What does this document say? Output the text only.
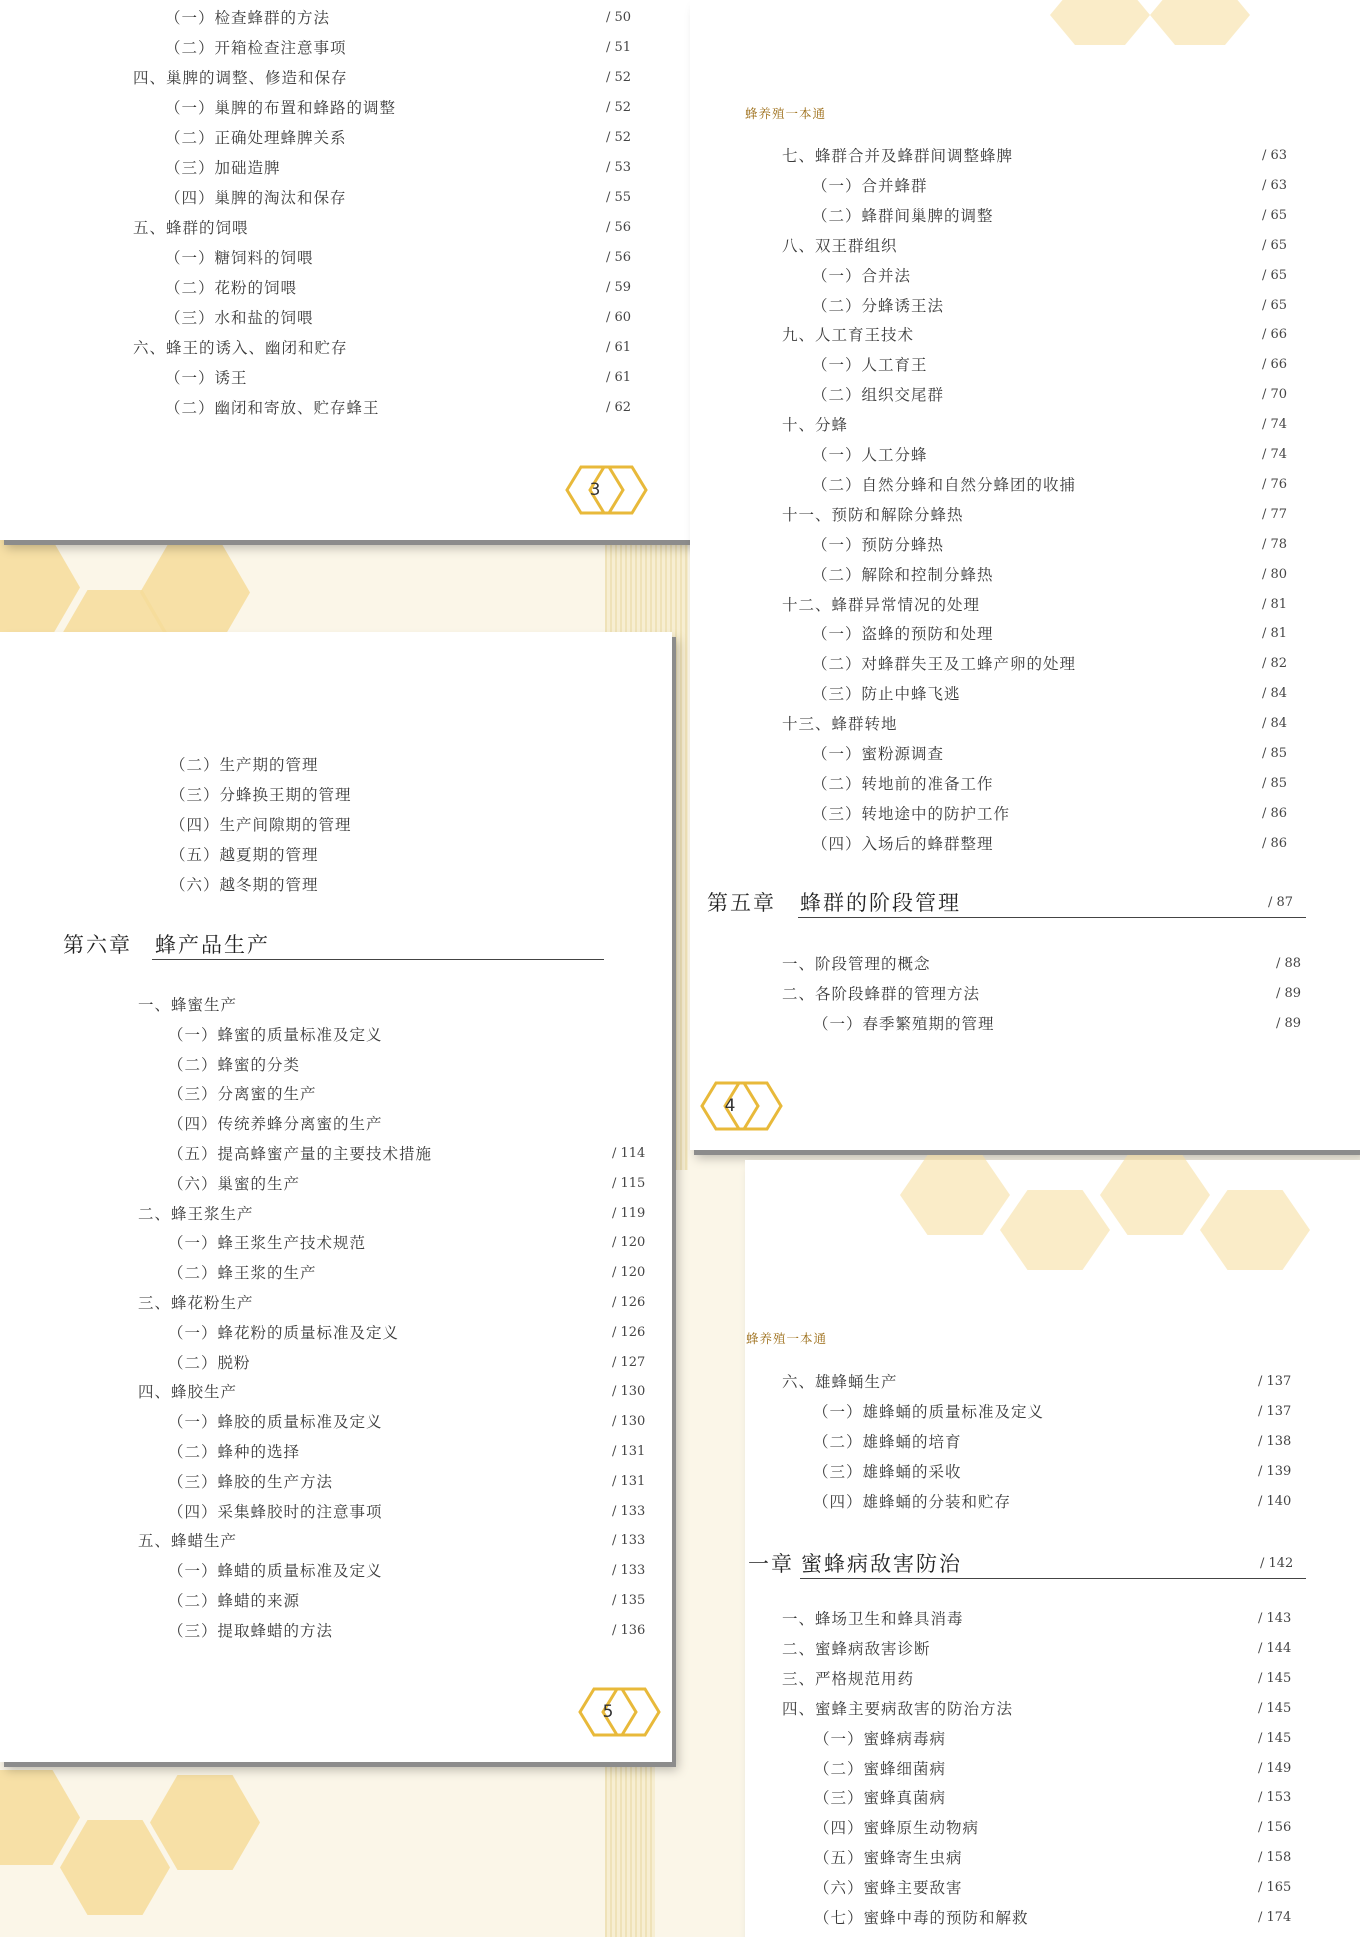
蜂养殖一本通
蜂养殖一本通
（一）检查蜂群的方法	/ 50
（二）开箱检查注意事项	/ 51
四、巢脾的调整、修造和保存	/ 52
（一）巢脾的布置和蜂路的调整	/ 52
（二）正确处理蜂脾关系	/ 52
（三）加础造脾	/ 53
（四）巢脾的淘汰和保存	/ 55
五、蜂群的饲喂	/ 56
（一）糖饲料的饲喂	/ 56
（二）花粉的饲喂	/ 59
（三）水和盐的饲喂	/ 60
六、蜂王的诱入、幽闭和贮存	/ 61
（一）诱王	/ 61
（二）幽闭和寄放、贮存蜂王	/ 62
3
七、蜂群合并及蜂群间调整蜂脾	/ 63
（一）合并蜂群	/ 63
（二）蜂群间巢脾的调整	/ 65
八、双王群组织	/ 65
（一）合并法	/ 65
（二）分蜂诱王法	/ 65
九、人工育王技术	/ 66
（一）人工育王	/ 66
（二）组织交尾群	/ 70
十、分蜂	/ 74
（一）人工分蜂	/ 74
（二）自然分蜂和自然分蜂团的收捕	/ 76
十一、预防和解除分蜂热	/ 77
（一）预防分蜂热	/ 78
（二）解除和控制分蜂热	/ 80
十二、蜂群异常情况的处理	/ 81
（一）盗蜂的预防和处理	/ 81
（二）对蜂群失王及工蜂产卵的处理	/ 82
（三）防止中蜂飞逃	/ 84
十三、蜂群转地	/ 84
（一）蜜粉源调查	/ 85
（二）转地前的准备工作	/ 85
（三）转地途中的防护工作	/ 86
（四）入场后的蜂群整理	/ 86
第五章 蜂群的阶段管理	/ 87
一、阶段管理的概念	/ 88
二、各阶段蜂群的管理方法	/ 89
（一）春季繁殖期的管理	/ 89
4
（二）生产期的管理
（三）分蜂换王期的管理
（四）生产间隙期的管理
（五）越夏期的管理
（六）越冬期的管理
第六章 蜂产品生产
一、蜂蜜生产
（一）蜂蜜的质量标准及定义
（二）蜂蜜的分类
（三）分离蜜的生产
（四）传统养蜂分离蜜的生产
（五）提高蜂蜜产量的主要技术措施	/ 114
（六）巢蜜的生产	/ 115
二、蜂王浆生产	/ 119
（一）蜂王浆生产技术规范	/ 120
（二）蜂王浆的生产	/ 120
三、蜂花粉生产	/ 126
（一）蜂花粉的质量标准及定义	/ 126
（二）脱粉	/ 127
四、蜂胶生产	/ 130
（一）蜂胶的质量标准及定义	/ 130
（二）蜂种的选择	/ 131
（三）蜂胶的生产方法	/ 131
（四）采集蜂胶时的注意事项	/ 133
五、蜂蜡生产	/ 133
（一）蜂蜡的质量标准及定义	/ 133
（二）蜂蜡的来源	/ 135
（三）提取蜂蜡的方法	/ 136
5
六、雄蜂蛹生产	/ 137
（一）雄蜂蛹的质量标准及定义	/ 137
（二）雄蜂蛹的培育	/ 138
（三）雄蜂蛹的采收	/ 139
（四）雄蜂蛹的分装和贮存	/ 140
一章 蜜蜂病敌害防治	/ 142
一、蜂场卫生和蜂具消毒	/ 143
二、蜜蜂病敌害诊断	/ 144
三、严格规范用药	/ 145
四、蜜蜂主要病敌害的防治方法	/ 145
（一）蜜蜂病毒病	/ 145
（二）蜜蜂细菌病	/ 149
（三）蜜蜂真菌病	/ 153
（四）蜜蜂原生动物病	/ 156
（五）蜜蜂寄生虫病	/ 158
（六）蜜蜂主要敌害	/ 165
（七）蜜蜂中毒的预防和解救	/ 174
